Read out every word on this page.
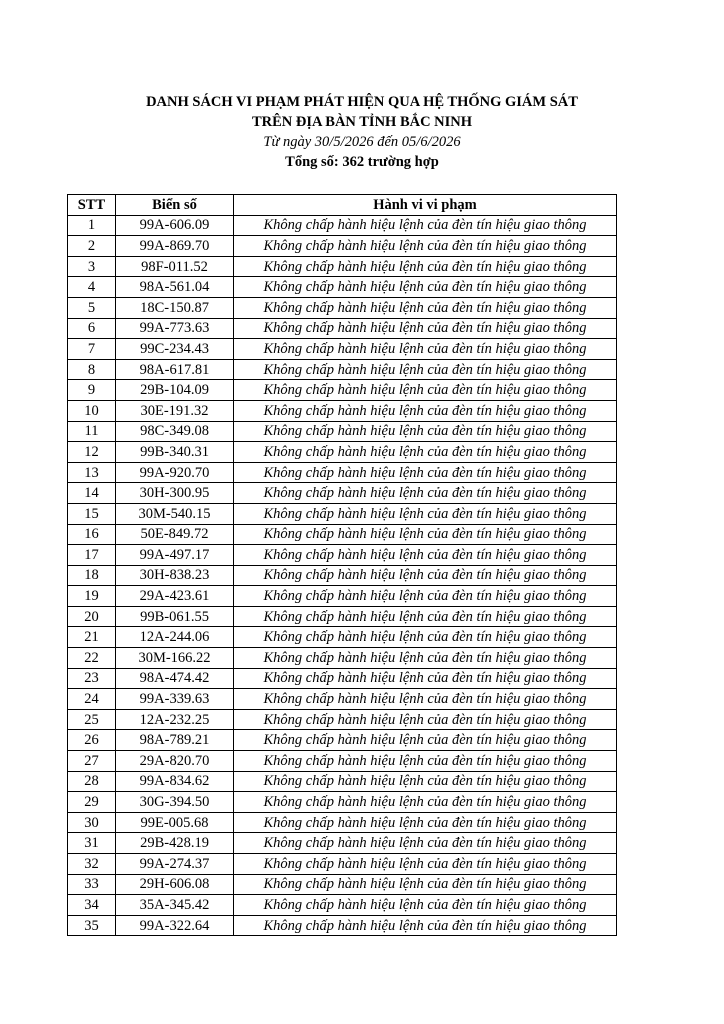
DANH SÁCH VI PHẠM PHÁT HIỆN QUA HỆ THỐNG GIÁM SÁT
TRÊN ĐỊA BÀN TỈNH BẮC NINH
Từ ngày 30/5/2026 đến 05/6/2026
Tổng số: 362 trường hợp
STT	Biển số	Hành vi vi phạm
1	99A-606.09	Không chấp hành hiệu lệnh của đèn tín hiệu giao thông
2	99A-869.70	Không chấp hành hiệu lệnh của đèn tín hiệu giao thông
3	98F-011.52	Không chấp hành hiệu lệnh của đèn tín hiệu giao thông
4	98A-561.04	Không chấp hành hiệu lệnh của đèn tín hiệu giao thông
5	18C-150.87	Không chấp hành hiệu lệnh của đèn tín hiệu giao thông
6	99A-773.63	Không chấp hành hiệu lệnh của đèn tín hiệu giao thông
7	99C-234.43	Không chấp hành hiệu lệnh của đèn tín hiệu giao thông
8	98A-617.81	Không chấp hành hiệu lệnh của đèn tín hiệu giao thông
9	29B-104.09	Không chấp hành hiệu lệnh của đèn tín hiệu giao thông
10	30E-191.32	Không chấp hành hiệu lệnh của đèn tín hiệu giao thông
11	98C-349.08	Không chấp hành hiệu lệnh của đèn tín hiệu giao thông
12	99B-340.31	Không chấp hành hiệu lệnh của đèn tín hiệu giao thông
13	99A-920.70	Không chấp hành hiệu lệnh của đèn tín hiệu giao thông
14	30H-300.95	Không chấp hành hiệu lệnh của đèn tín hiệu giao thông
15	30M-540.15	Không chấp hành hiệu lệnh của đèn tín hiệu giao thông
16	50E-849.72	Không chấp hành hiệu lệnh của đèn tín hiệu giao thông
17	99A-497.17	Không chấp hành hiệu lệnh của đèn tín hiệu giao thông
18	30H-838.23	Không chấp hành hiệu lệnh của đèn tín hiệu giao thông
19	29A-423.61	Không chấp hành hiệu lệnh của đèn tín hiệu giao thông
20	99B-061.55	Không chấp hành hiệu lệnh của đèn tín hiệu giao thông
21	12A-244.06	Không chấp hành hiệu lệnh của đèn tín hiệu giao thông
22	30M-166.22	Không chấp hành hiệu lệnh của đèn tín hiệu giao thông
23	98A-474.42	Không chấp hành hiệu lệnh của đèn tín hiệu giao thông
24	99A-339.63	Không chấp hành hiệu lệnh của đèn tín hiệu giao thông
25	12A-232.25	Không chấp hành hiệu lệnh của đèn tín hiệu giao thông
26	98A-789.21	Không chấp hành hiệu lệnh của đèn tín hiệu giao thông
27	29A-820.70	Không chấp hành hiệu lệnh của đèn tín hiệu giao thông
28	99A-834.62	Không chấp hành hiệu lệnh của đèn tín hiệu giao thông
29	30G-394.50	Không chấp hành hiệu lệnh của đèn tín hiệu giao thông
30	99E-005.68	Không chấp hành hiệu lệnh của đèn tín hiệu giao thông
31	29B-428.19	Không chấp hành hiệu lệnh của đèn tín hiệu giao thông
32	99A-274.37	Không chấp hành hiệu lệnh của đèn tín hiệu giao thông
33	29H-606.08	Không chấp hành hiệu lệnh của đèn tín hiệu giao thông
34	35A-345.42	Không chấp hành hiệu lệnh của đèn tín hiệu giao thông
35	99A-322.64	Không chấp hành hiệu lệnh của đèn tín hiệu giao thông
